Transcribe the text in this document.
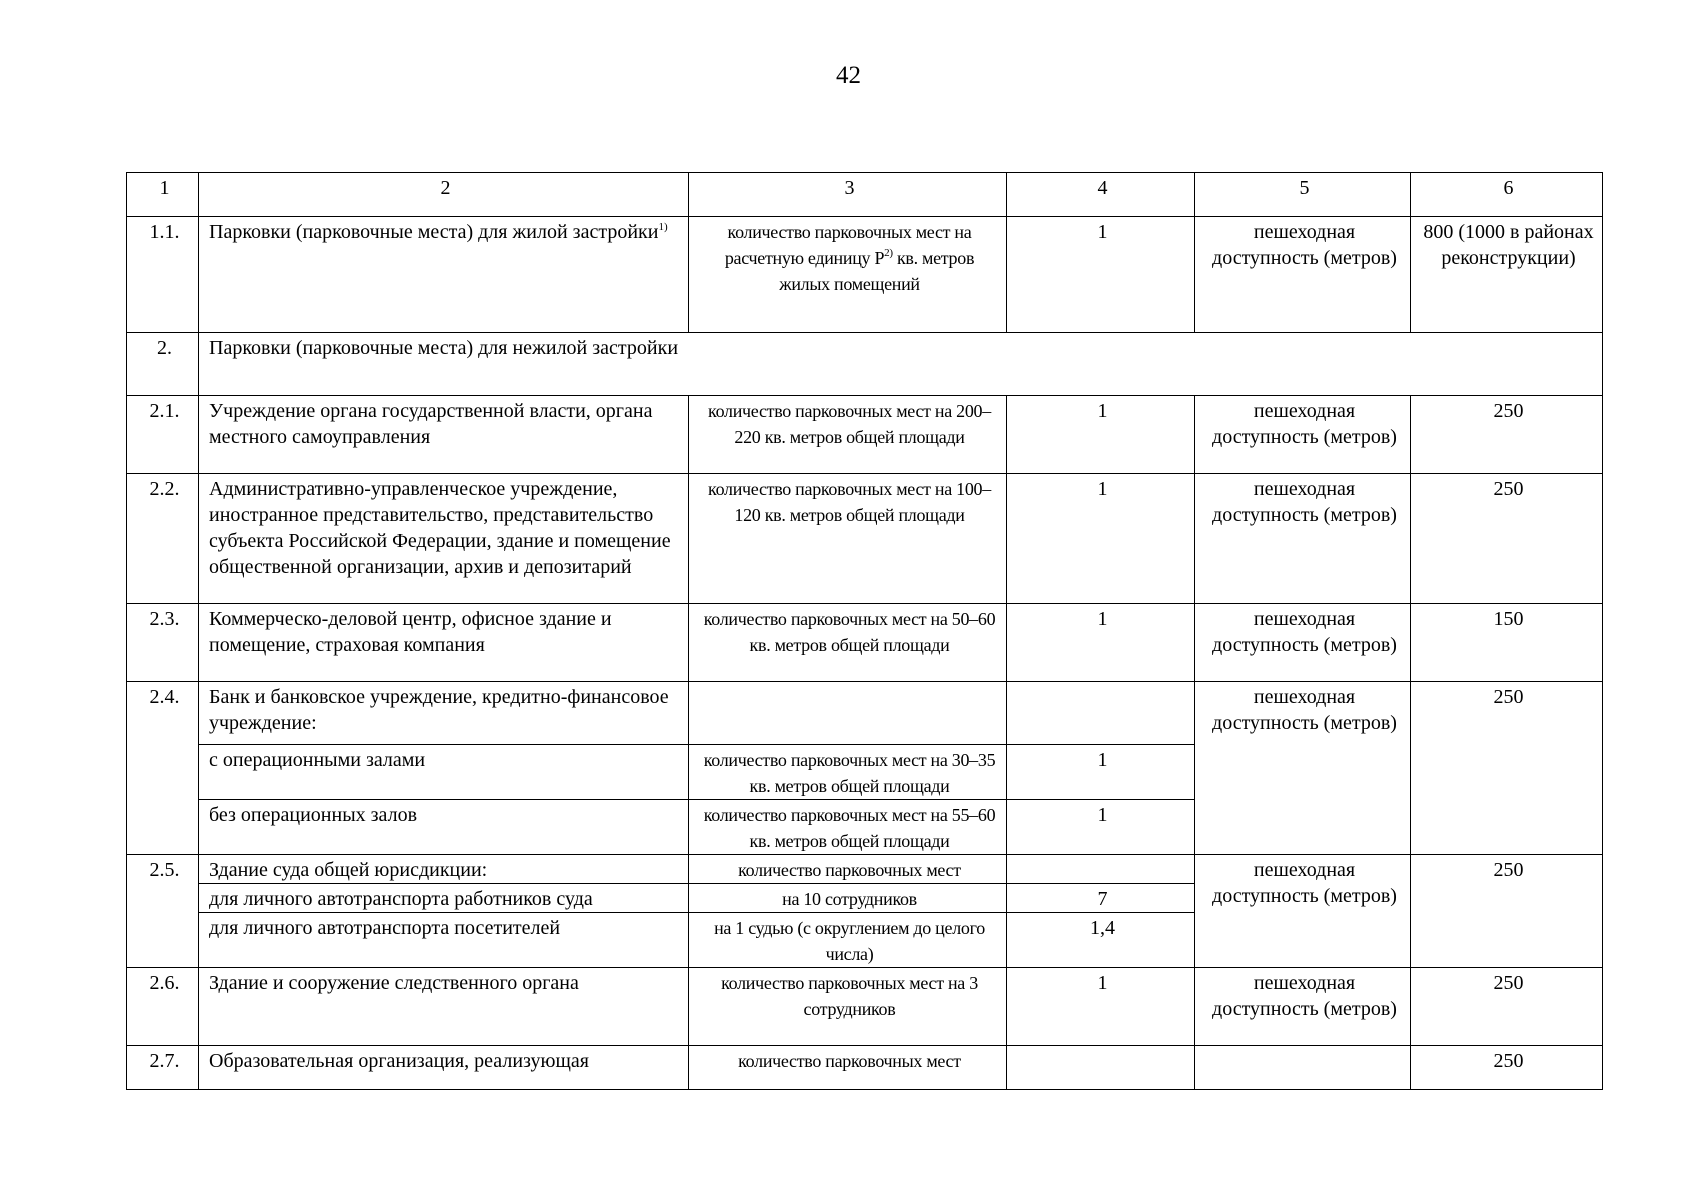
42
1	2	3	4	5	6
1.1.	Парковки (парковочные места) для жилой застройки$^{1)}$	количество парковочных мест на расчетную единицу $Р^{2)}$ кв. метров жилых помещений	1	пешеходная доступность (метров)	800 (1000 в районах реконструкции)
2.	Парковки (парковочные места) для нежилой застройки				
2.1.	Учреждение органа государственной власти, органа местного самоуправления	количество парковочных мест на 200–220 кв. метров общей площади	1	пешеходная доступность (метров)	250
2.2.	Административно-управленческое учреждение, иностранное представительство, представительство субъекта Российской Федерации, здание и помещение общественной организации, архив и депозитарий	количество парковочных мест на 100–120 кв. метров общей площади	1	пешеходная доступность (метров)	250
2.3.	Коммерческо-деловой центр, офисное здание и помещение, страховая компания	количество парковочных мест на 50–60 кв. метров общей площади	1	пешеходная доступность (метров)	150
2.4.	Банк и банковское учреждение, кредитно-финансовое учреждение:			пешеходная доступность (метров)	250
	с операционными залами	количество парковочных мест на 30–35 кв. метров общей площади	1		
	без операционных залов	количество парковочных мест на 55–60 кв. метров общей площади	1		
2.5.	Здание суда общей юрисдикции:	количество парковочных мест		пешеходная доступность (метров)	250
	для личного автотранспорта работников суда	на 10 сотрудников	7		
	для личного автотранспорта посетителей	на 1 судью (с округлением до целого числа)	1,4		
2.6.	Здание и сооружение следственного органа	количество парковочных мест на 3 сотрудников	1	пешеходная доступность (метров)	250
2.7.	Образовательная организация, реализующая	количество парковочных мест			250
